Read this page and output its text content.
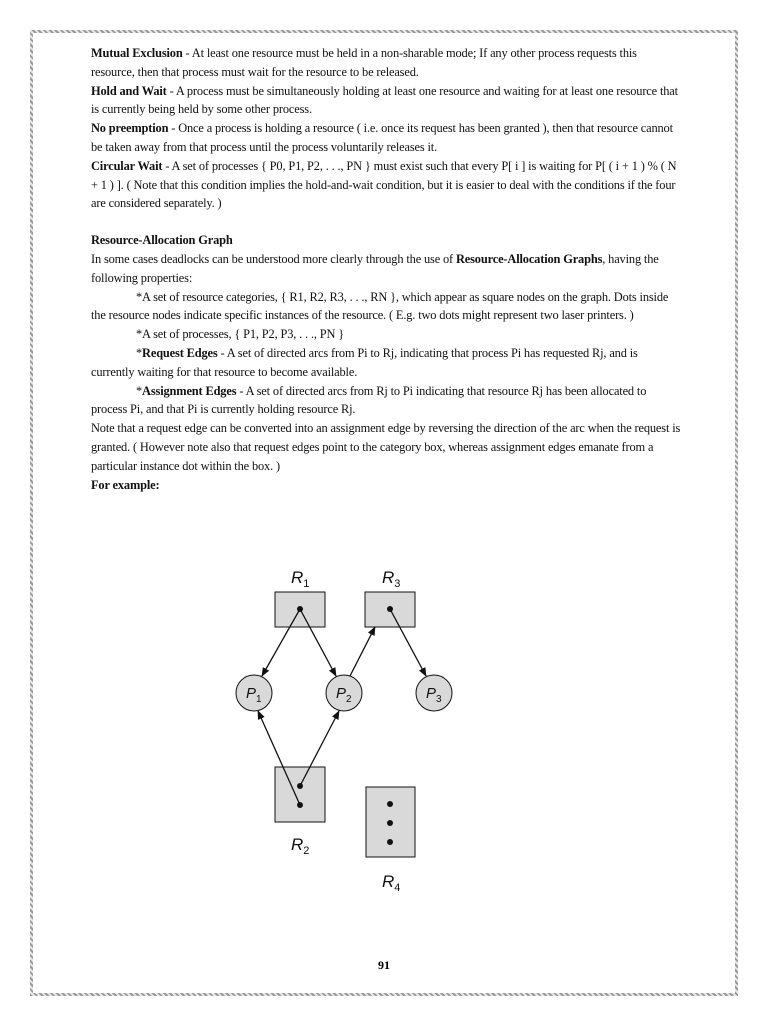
Mutual Exclusion - At least one resource must be held in a non-sharable mode; If any other process requests this resource, then that process must wait for the resource to be released.

Hold and Wait - A process must be simultaneously holding at least one resource and waiting for at least one resource that is currently being held by some other process.

No preemption - Once a process is holding a resource ( i.e. once its request has been granted ), then that resource cannot be taken away from that process until the process voluntarily releases it.

Circular Wait - A set of processes { P0, P1, P2, . . ., PN } must exist such that every P[ i ] is waiting for P[ ( i + 1 ) % ( N + 1 ) ]. ( Note that this condition implies the hold-and-wait condition, but it is easier to deal with the conditions if the four are considered separately. )

Resource-Allocation Graph

In some cases deadlocks can be understood more clearly through the use of Resource-Allocation Graphs, having the following properties:

*A set of resource categories, { R1, R2, R3, . . ., RN }, which appear as square nodes on the graph. Dots inside the resource nodes indicate specific instances of the resource. ( E.g. two dots might represent two laser printers. )

*A set of processes, { P1, P2, P3, . . ., PN }

*Request Edges - A set of directed arcs from Pi to Rj, indicating that process Pi has requested Rj, and is currently waiting for that resource to become available.

*Assignment Edges - A set of directed arcs from Rj to Pi indicating that resource Rj has been allocated to process Pi, and that Pi is currently holding resource Rj.

Note that a request edge can be converted into an assignment edge by reversing the direction of the arc when the request is granted. ( However note also that request edges point to the category box, whereas assignment edges emanate from a particular instance dot within the box. )

For example:

$R_1$	$R_3$
$R_2$
$R_4$
$P_1$	$P_2$	$P_3$
91
